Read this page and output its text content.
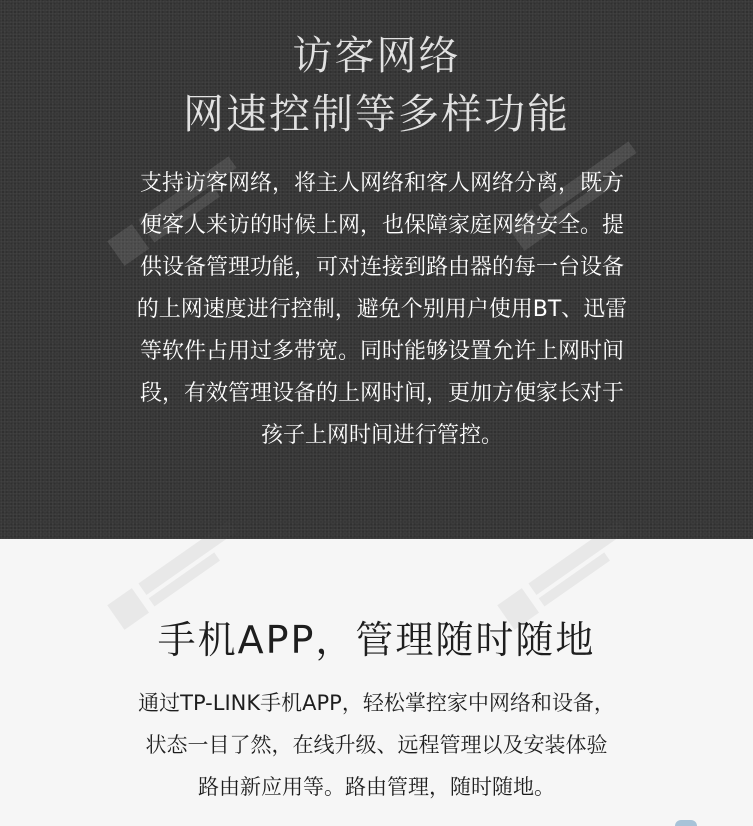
访客网络
网速控制等多样功能
支持访客网络，将主人网络和客人网络分离，既方
便客人来访的时候上网，也保障家庭网络安全。提
供设备管理功能，可对连接到路由器的每一台设备
的上网速度进行控制，避免个别用户使用BT、迅雷
等软件占用过多带宽。同时能够设置允许上网时间
段，有效管理设备的上网时间，更加方便家长对于
孩子上网时间进行管控。
手机APP，管理随时随地
通过TP-LINK手机APP，轻松掌控家中网络和设备，
状态一目了然，在线升级、远程管理以及安装体验
路由新应用等。路由管理，随时随地。
